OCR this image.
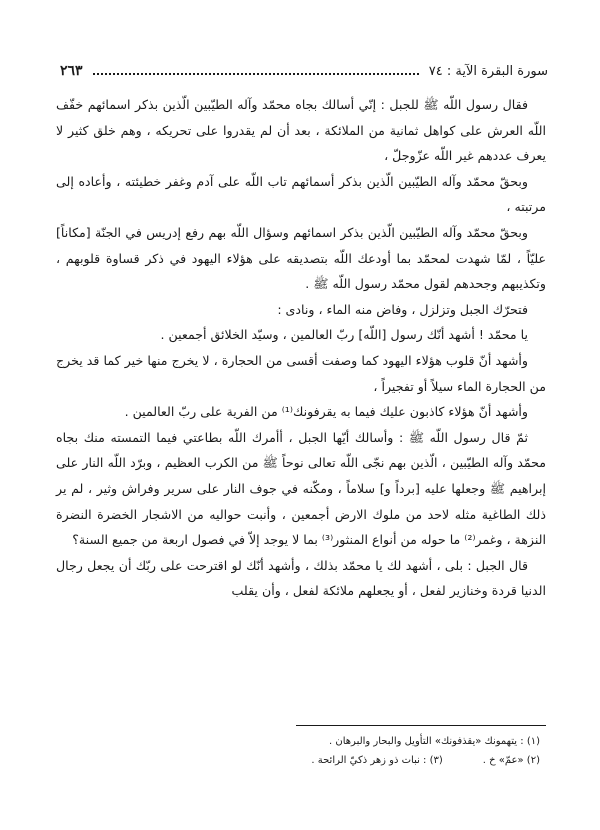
سورة البقرة الآية : ٧٤
٢٦٣

فقال رسول اللّه ﷺ للجبل : إنّي أسالك بجاه محمّد وآله الطيّبين الّذين بذكر اسمائهم خفّف اللّه العرش على كواهل ثمانية من الملائكة ، بعد أن لم يقدروا على تحريكه ، وهم خلق كثير لا يعرف عددهم غير اللّه عزّوجلّ ،

وبحقّ محمّد وآله الطيّبين الّذين بذكر أسمائهم تاب اللّه على آدم وغفر خطيئته ، وأعاده إلى مرتبته ،

وبحقّ محمّد وآله الطيّبين الّذين بذكر اسمائهم وسؤال اللّه بهم رفع إدريس في الجنّة [مكاناً] عليّاً ، لمّا شهدت لمحمّد بما أودعك اللّه بتصديقه على هؤلاء اليهود في ذكر قساوة قلوبهم ، وتكذيبهم وجحدهم لقول محمّد رسول اللّه ﷺ .

فتحرّك الجبل وتزلزل ، وفاض منه الماء ، ونادى :

يا محمّد ! أشهد أنّك رسول [اللّه] ربّ العالمين ، وسيّد الخلائق أجمعين .

وأشهد أنّ قلوب هؤلاء اليهود كما وصفت أقسى من الحجارة ، لا يخرج منها خير كما قد يخرج من الحجارة الماء سيلاً أو تفجيراً ،

وأشهد أنّ هؤلاء كاذبون عليك فيما به يقرفونك⁽¹⁾ من الفرية على ربّ العالمين .

ثمّ قال رسول اللّه ﷺ : وأسالك أيّها الجبل ، أأمرك اللّه بطاعتي فيما التمسته منك بجاه محمّد وآله الطيّبين ، الّذين بهم نجّى اللّه تعالى نوحاً ﷺ من الكرب العظيم ، وبرّد اللّه النار على إبراهيم ﷺ وجعلها عليه [برداً و] سلاماً ، ومكّنه في جوف النار على سرير وفراش وثير ، لم ير ذلك الطاغية مثله لاحد من ملوك الارض أجمعين ، وأنبت حواليه من الاشجار الخضرة النضرة النزهة ، وغمر⁽²⁾ ما حوله من أنواع المنثور⁽³⁾ بما لا يوجد إلاّ في فصول اربعة من جميع السنة؟

قال الجبل : بلى ، أشهد لك يا محمّد بذلك ، وأشهد أنّك لو اقترحت على ربّك أن يجعل رجال الدنيا قردة وخنازير لفعل ، أو يجعلهم ملائكة لفعل ، وأن يقلب

(١) : يتهمونك «يقذفونك» التأويل والبحار والبرهان .
(٢) «عمّ» خ .
(٣) : نبات ذو زهر ذكيّ الرائحة .
